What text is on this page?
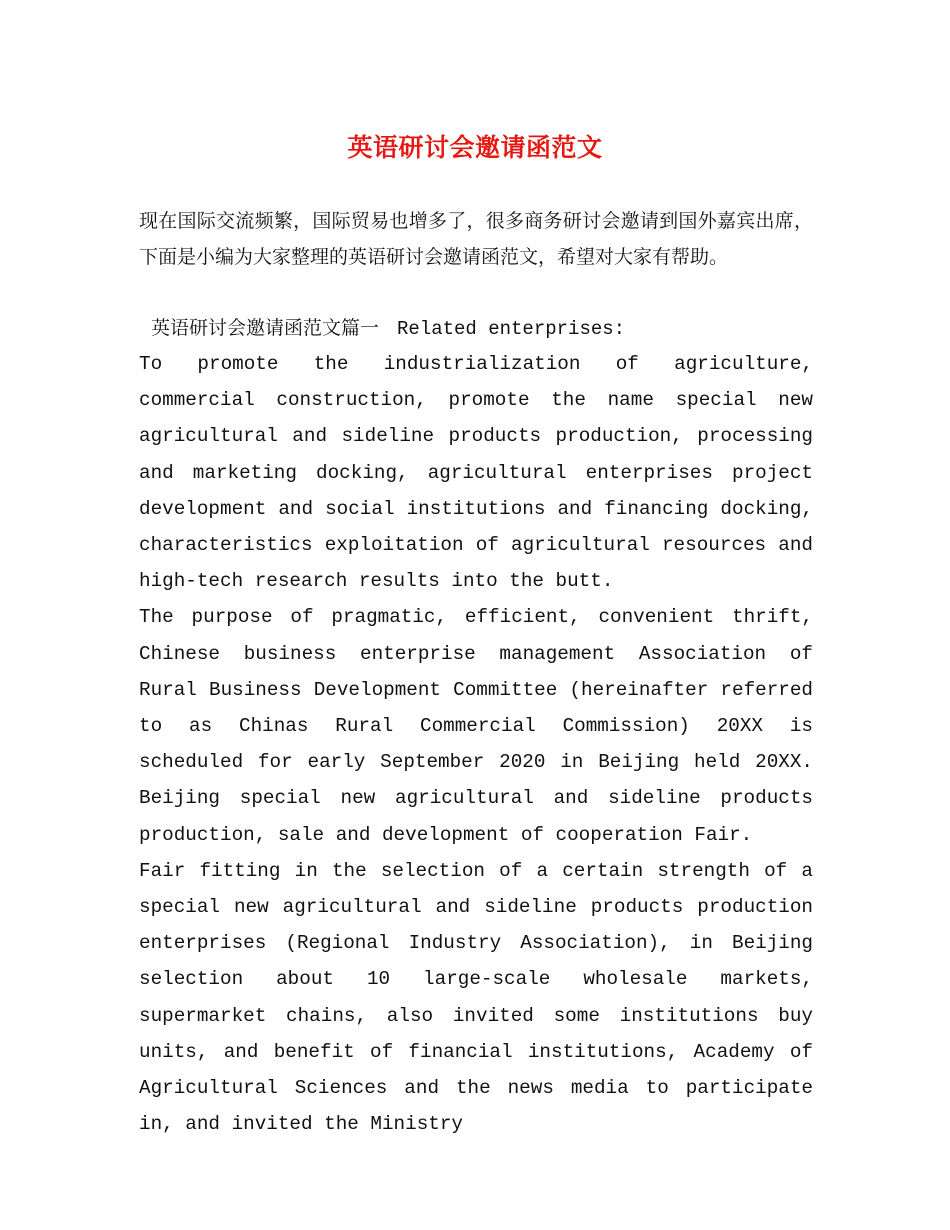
英语研讨会邀请函范文
现在国际交流频繁，国际贸易也增多了，很多商务研讨会邀请到国外嘉宾出席，下面是小编为大家整理的英语研讨会邀请函范文，希望对大家有帮助。
英语研讨会邀请函范文篇一 Related enterprises:

To promote the industrialization of agriculture, commercial construction, promote the name special new agricultural and sideline products production, processing and marketing docking, agricultural enterprises project development and social institutions and financing docking, characteristics exploitation of agricultural resources and high-tech research results into the butt.

The purpose of pragmatic, efficient, convenient thrift, Chinese business enterprise management Association of Rural Business Development Committee (hereinafter referred to as Chinas Rural Commercial Commission) 20XX is scheduled for early September 2020 in Beijing held 20XX. Beijing special new agricultural and sideline products production, sale and development of cooperation Fair.

Fair fitting in the selection of a certain strength of a special new agricultural and sideline products production enterprises (Regional Industry Association), in Beijing selection about 10 large-scale wholesale markets, supermarket chains, also invited some institutions buy units, and benefit of financial institutions, Academy of Agricultural Sciences and the news media to participate in, and invited the Ministry
